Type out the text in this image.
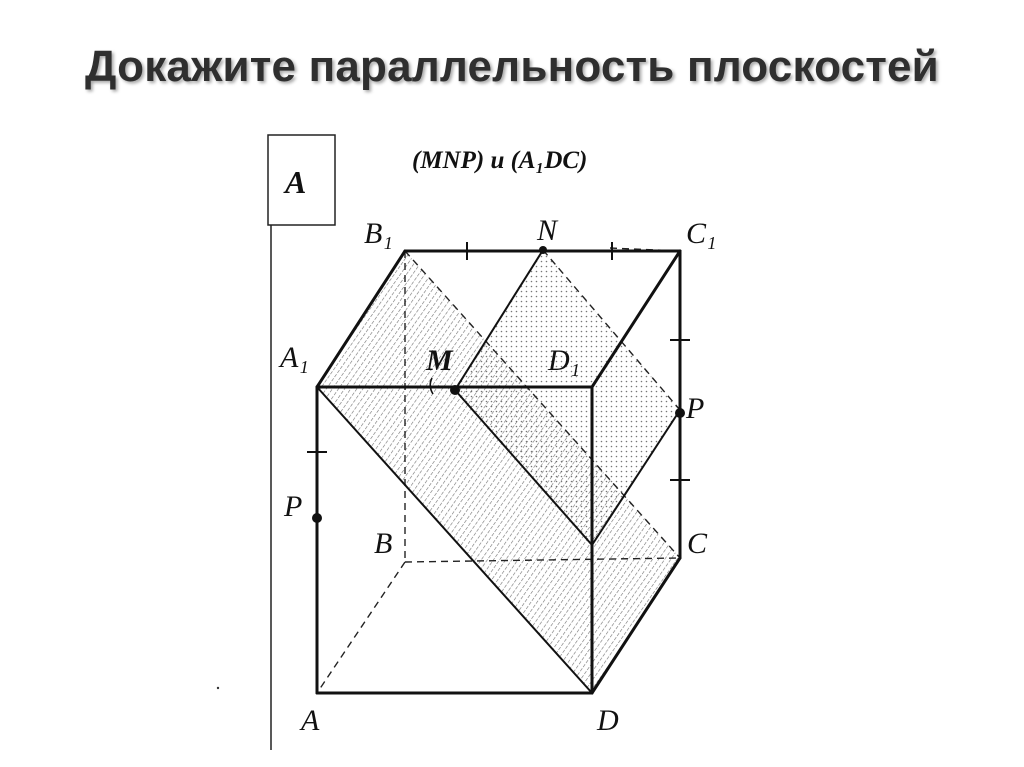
Докажите параллельность плоскостей
А
(MNP) и (A₁DC)
B₁	N	C₁
A₁	M	D₁
P
P
B	C
A	D
